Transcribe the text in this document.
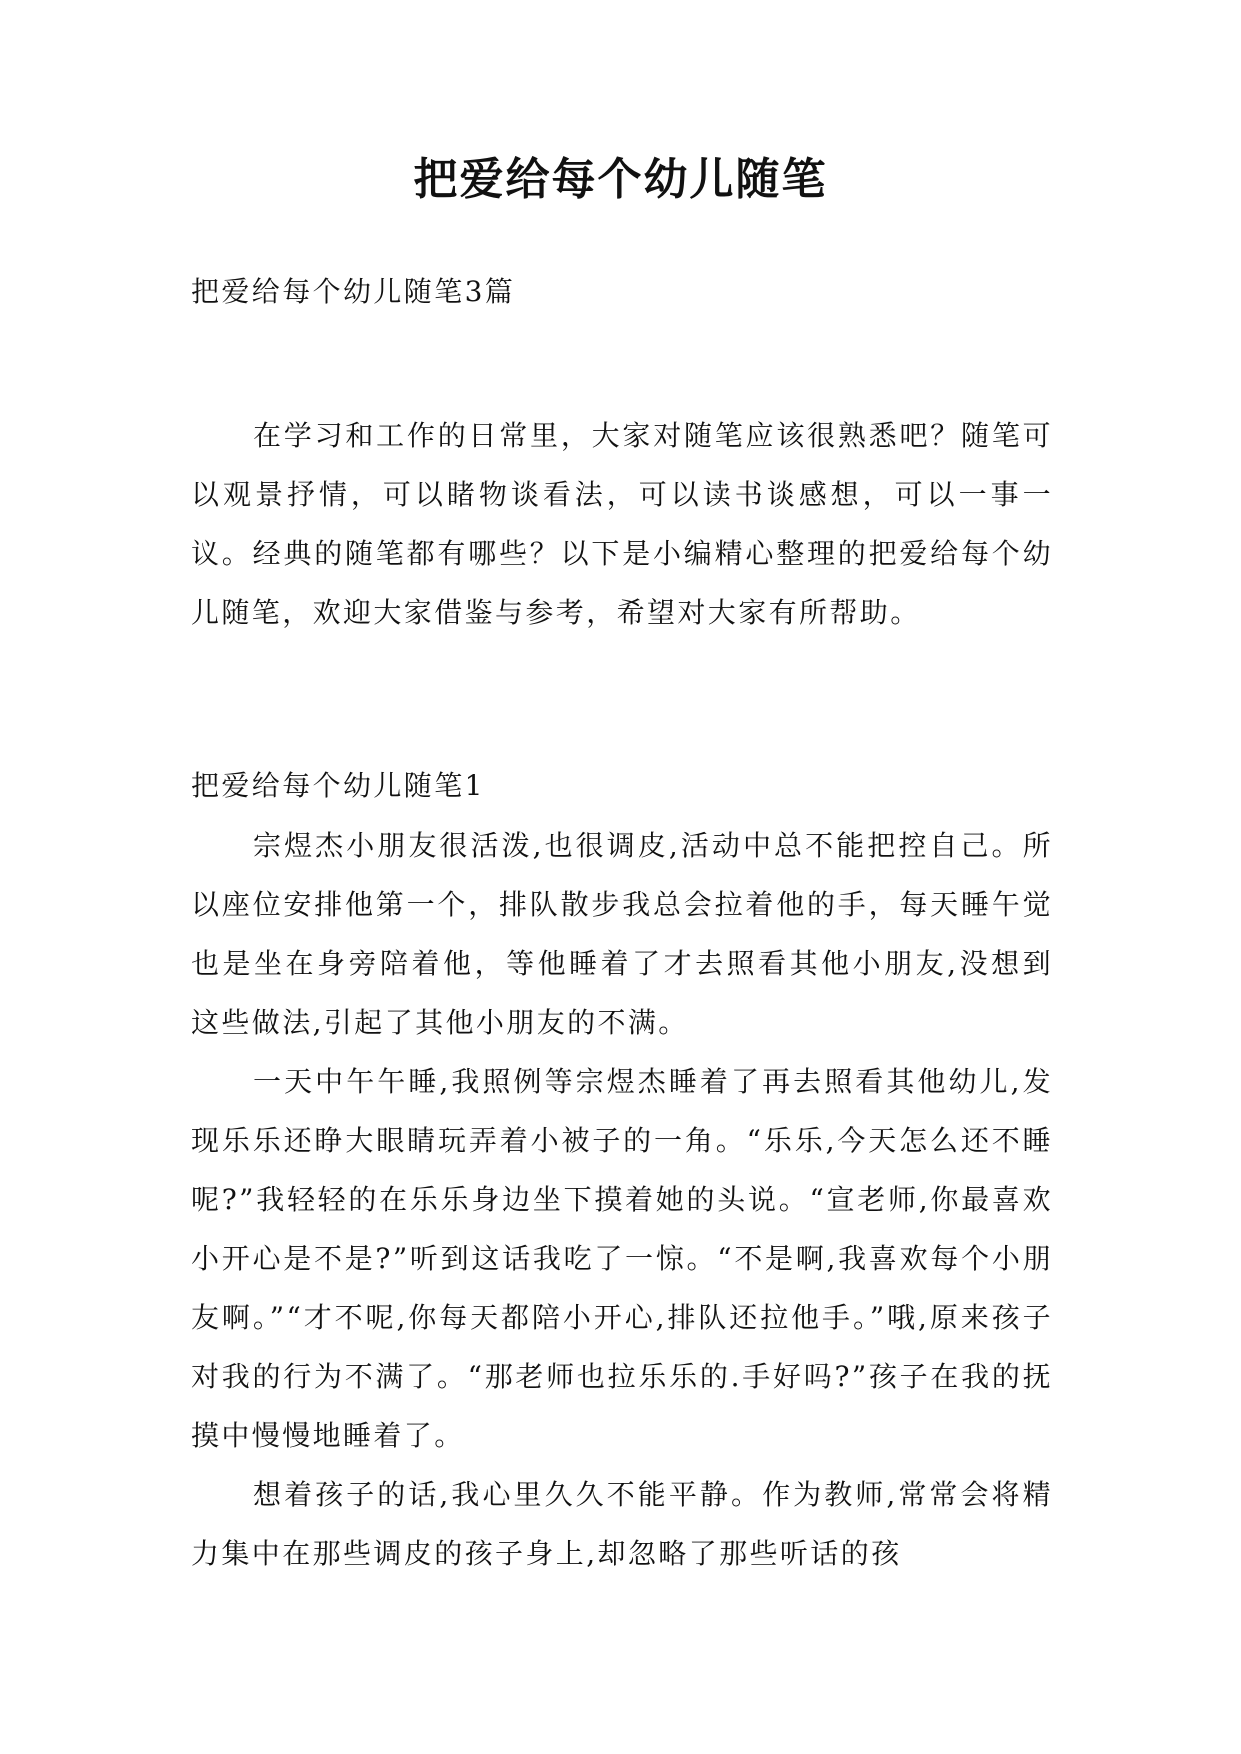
把爱给每个幼儿随笔

把爱给每个幼儿随笔3篇

在学习和工作的日常里，大家对随笔应该很熟悉吧？随笔可以观景抒情，可以睹物谈看法，可以读书谈感想，可以一事一议。经典的随笔都有哪些？以下是小编精心整理的把爱给每个幼儿随笔，欢迎大家借鉴与参考，希望对大家有所帮助。

把爱给每个幼儿随笔1

宗煜杰小朋友很活泼,也很调皮,活动中总不能把控自己。所以座位安排他第一个，排队散步我总会拉着他的手，每天睡午觉也是坐在身旁陪着他，等他睡着了才去照看其他小朋友,没想到这些做法,引起了其他小朋友的不满。

一天中午午睡,我照例等宗煜杰睡着了再去照看其他幼儿,发现乐乐还睁大眼睛玩弄着小被子的一角。“乐乐,今天怎么还不睡呢?”我轻轻的在乐乐身边坐下摸着她的头说。“宣老师,你最喜欢小开心是不是?”听到这话我吃了一惊。“不是啊,我喜欢每个小朋友啊。”“才不呢,你每天都陪小开心,排队还拉他手。”哦,原来孩子对我的行为不满了。“那老师也拉乐乐的.手好吗?”孩子在我的抚摸中慢慢地睡着了。

想着孩子的话,我心里久久不能平静。作为教师,常常会将精力集中在那些调皮的孩子身上,却忽略了那些听话的孩
